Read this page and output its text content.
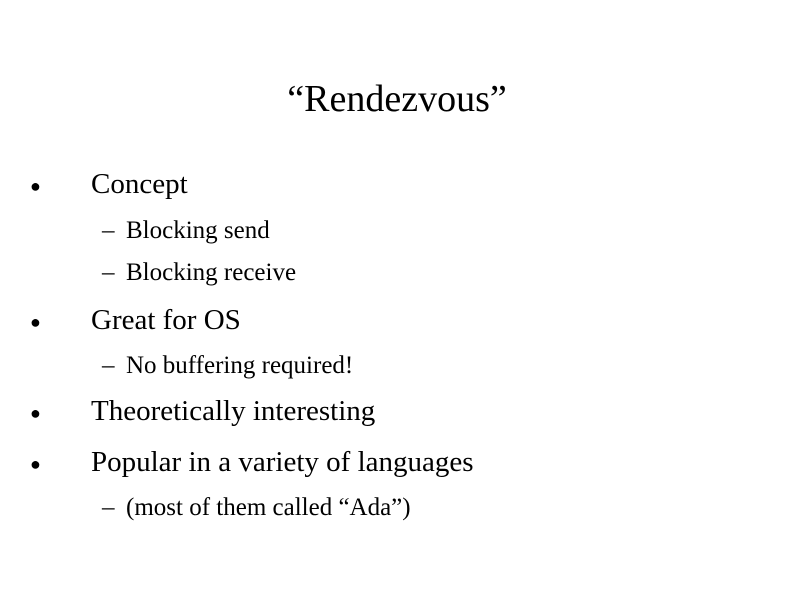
“Rendezvous”
● Concept
– Blocking send
– Blocking receive
● Great for OS
– No buffering required!
● Theoretically interesting
● Popular in a variety of languages
– (most of them called “Ada”)
